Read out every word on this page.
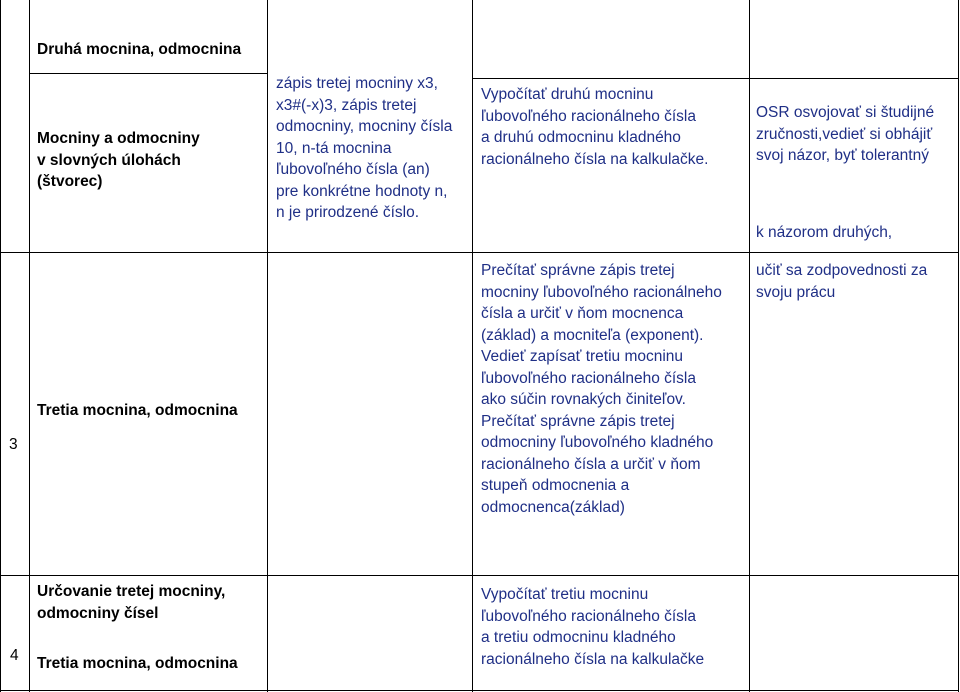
Druhá mocnina, odmocnina
Mocniny a odmocniny
v slovných úlohách
(štvorec)
zápis tretej mocniny x3,
x3#(-x)3, zápis tretej
odmocniny, mocniny čísla
10, n-tá mocnina
ľubovoľného čísla (an)
pre konkrétne hodnoty n,
n je prirodzené číslo.
Vypočítať druhú mocninu
ľubovoľného racionálneho čísla
a druhú odmocninu kladného
racionálneho čísla na kalkulačke.
OSR osvojovať si študijné
zručnosti,vedieť si obhájiť
svoj názor, byť tolerantný
k názorom druhých,
3
Tretia mocnina, odmocnina
Prečítať správne zápis tretej
mocniny ľubovoľného racionálneho
čísla a určiť v ňom mocnenca
(základ) a mocniteľa (exponent).
Vedieť zapísať tretiu mocninu
ľubovoľného racionálneho čísla
ako súčin rovnakých činiteľov.
Prečítať správne zápis tretej
odmocniny ľubovoľného kladného
racionálneho čísla a určiť v ňom
stupeň odmocnenia a
odmocnenca(základ)
učiť sa zodpovednosti za
svoju prácu
4
Určovanie tretej mocniny,
odmocniny čísel
Tretia mocnina, odmocnina
Vypočítať tretiu mocninu
ľubovoľného racionálneho čísla
a tretiu odmocninu kladného
racionálneho čísla na kalkulačke
